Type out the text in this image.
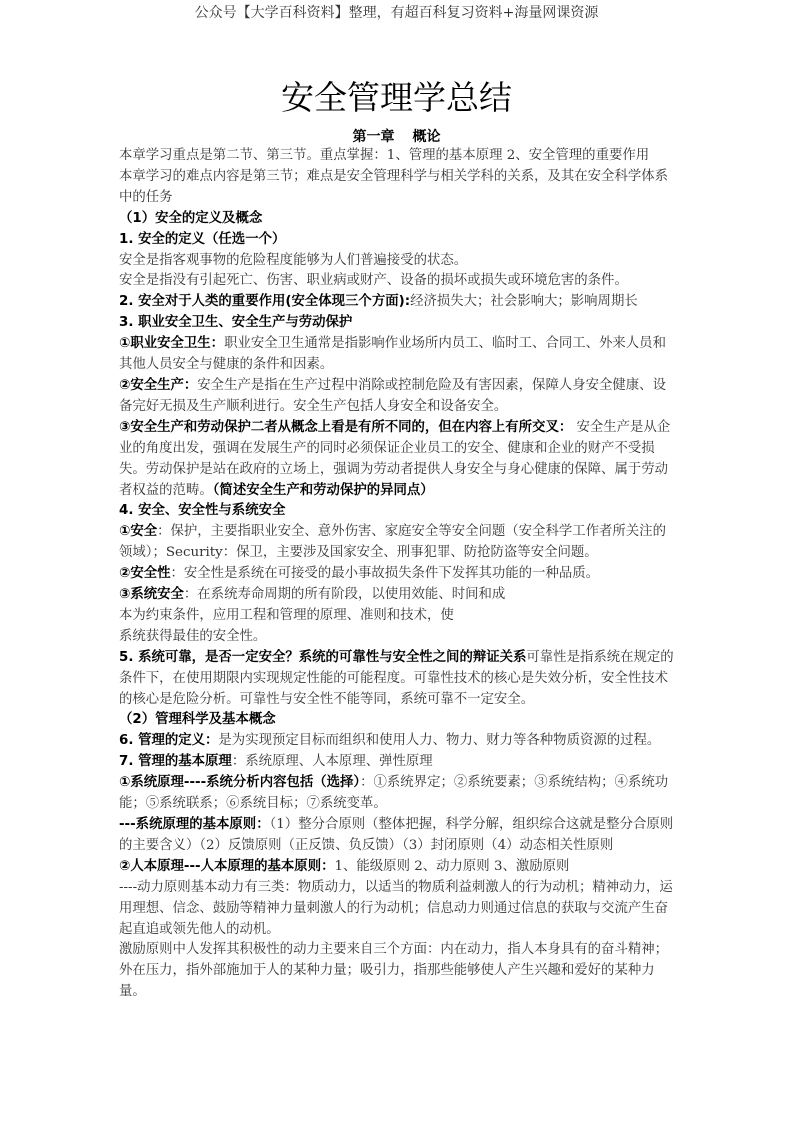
公众号【大学百科资料】整理，有超百科复习资料+海量网课资源
安全管理学总结
第一章 概论

本章学习重点是第二节、第三节。重点掌握：1、管理的基本原理 2、安全管理的重要作用

本章学习的难点内容是第三节；难点是安全管理科学与相关学科的关系，及其在安全科学体系中的任务

（1）安全的定义及概念

1. 安全的定义（任选一个）

安全是指客观事物的危险程度能够为人们普遍接受的状态。

安全是指没有引起死亡、伤害、职业病或财产、设备的损坏或损失或环境危害的条件。

2. 安全对于人类的重要作用(安全体现三个方面):经济损失大；社会影响大；影响周期长

3. 职业安全卫生、安全生产与劳动保护

①职业安全卫生：职业安全卫生通常是指影响作业场所内员工、临时工、合同工、外来人员和其他人员安全与健康的条件和因素。

②安全生产：安全生产是指在生产过程中消除或控制危险及有害因素，保障人身安全健康、设备完好无损及生产顺利进行。安全生产包括人身安全和设备安全。

③安全生产和劳动保护二者从概念上看是有所不同的，但在内容上有所交叉： 安全生产是从企业的角度出发，强调在发展生产的同时必须保证企业员工的安全、健康和企业的财产不受损失。劳动保护是站在政府的立场上，强调为劳动者提供人身安全与身心健康的保障、属于劳动者权益的范畴。（简述安全生产和劳动保护的异同点）

4. 安全、安全性与系统安全

①安全：保护，主要指职业安全、意外伤害、家庭安全等安全问题（安全科学工作者所关注的领域）；Security：保卫，主要涉及国家安全、刑事犯罪、防抢防盗等安全问题。

②安全性：安全性是系统在可接受的最小事故损失条件下发挥其功能的一种品质。

③系统安全：在系统寿命周期的所有阶段，以使用效能、时间和成

本为约束条件，应用工程和管理的原理、准则和技术，使

系统获得最佳的安全性。

5. 系统可靠，是否一定安全？系统的可靠性与安全性之间的辩证关系可靠性是指系统在规定的条件下，在使用期限内实现规定性能的可能程度。可靠性技术的核心是失效分析，安全性技术的核心是危险分析。可靠性与安全性不能等同，系统可靠不一定安全。

（2）管理科学及基本概念

6. 管理的定义：是为实现预定目标而组织和使用人力、物力、财力等各种物质资源的过程。

7. 管理的基本原理：系统原理、人本原理、弹性原理

①系统原理----系统分析内容包括（选择）：①系统界定；②系统要素；③系统结构；④系统功能；⑤系统联系；⑥系统目标；⑦系统变革。

---系统原理的基本原则：（1）整分合原则（整体把握，科学分解，组织综合这就是整分合原则的主要含义）（2）反馈原则（正反馈、负反馈）（3）封闭原则（4）动态相关性原则

②人本原理---人本原理的基本原则：1、能级原则 2、动力原则 3、激励原则

----动力原则基本动力有三类：物质动力，以适当的物质利益刺激人的行为动机；精神动力，运用理想、信念、鼓励等精神力量刺激人的行为动机；信息动力则通过信息的获取与交流产生奋起直追或领先他人的动机。

激励原则中人发挥其积极性的动力主要来自三个方面：内在动力，指人本身具有的奋斗精神；外在压力，指外部施加于人的某种力量；吸引力，指那些能够使人产生兴趣和爱好的某种力量。
